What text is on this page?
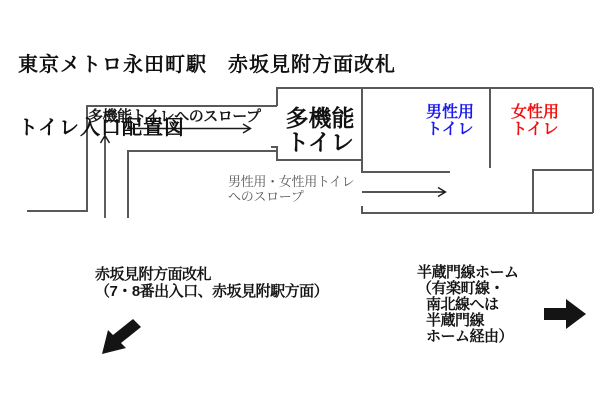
東京メトロ永田町駅　赤坂見附方面改札

トイレ入口配置図

多機能トイレへのスロープ	多機能
トイレ
男性用
トイレ
女性用
トイレ
男性用・女性用トイレ
へのスロープ
赤坂見附方面改札
（7・8番出入口、赤坂見附駅方面）
半蔵門線ホーム
（有楽町線・
南北線へは
半蔵門線
ホーム経由）
